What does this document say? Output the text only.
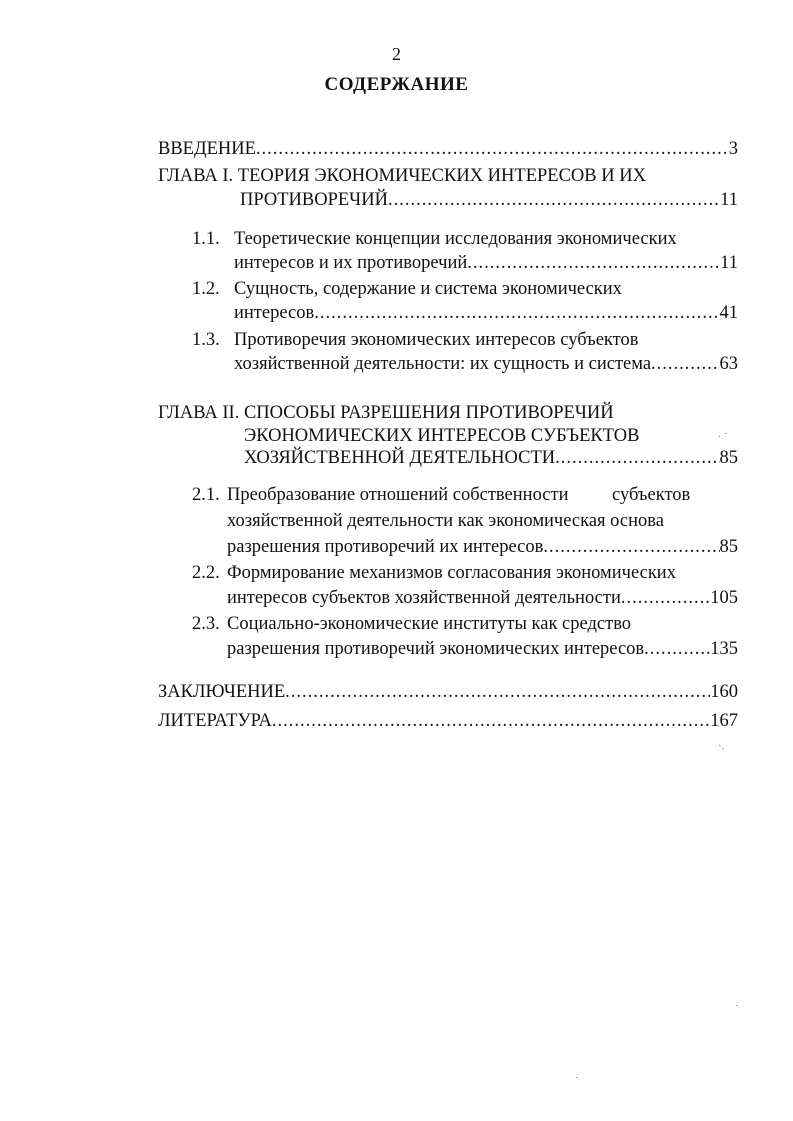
2
СОДЕРЖАНИЕ
ВВЕДЕНИЕ .....	3
ГЛАВА I. ТЕОРИЯ ЭКОНОМИЧЕСКИХ ИНТЕРЕСОВ И ИХ
ПРОТИВОРЕЧИЙ .....	11
1.1. Теоретические концепции исследования экономических
интересов и их противоречий .....	11
1.2. Сущность, содержание и система экономических
интересов .....	41
1.3. Противоречия экономических интересов субъектов
хозяйственной деятельности: их сущность и система .....	63
ГЛАВА II. СПОСОБЫ РАЗРЕШЕНИЯ ПРОТИВОРЕЧИЙ
ЭКОНОМИЧЕСКИХ ИНТЕРЕСОВ СУБЪЕКТОВ
ХОЗЯЙСТВЕННОЙ ДЕЯТЕЛЬНОСТИ .....	85
2.1. Преобразование отношений собственности субъектов
хозяйственной деятельности как экономическая основа
разрешения противоречий их интересов .....	85
2.2. Формирование механизмов согласования экономических
интересов субъектов хозяйственной деятельности .....	105
2.3. Социально-экономические институты как средство
разрешения противоречий экономических интересов .....	135
ЗАКЛЮЧЕНИЕ .....	160
ЛИТЕРАТУРА .....	167
. ·
·.
·
·
